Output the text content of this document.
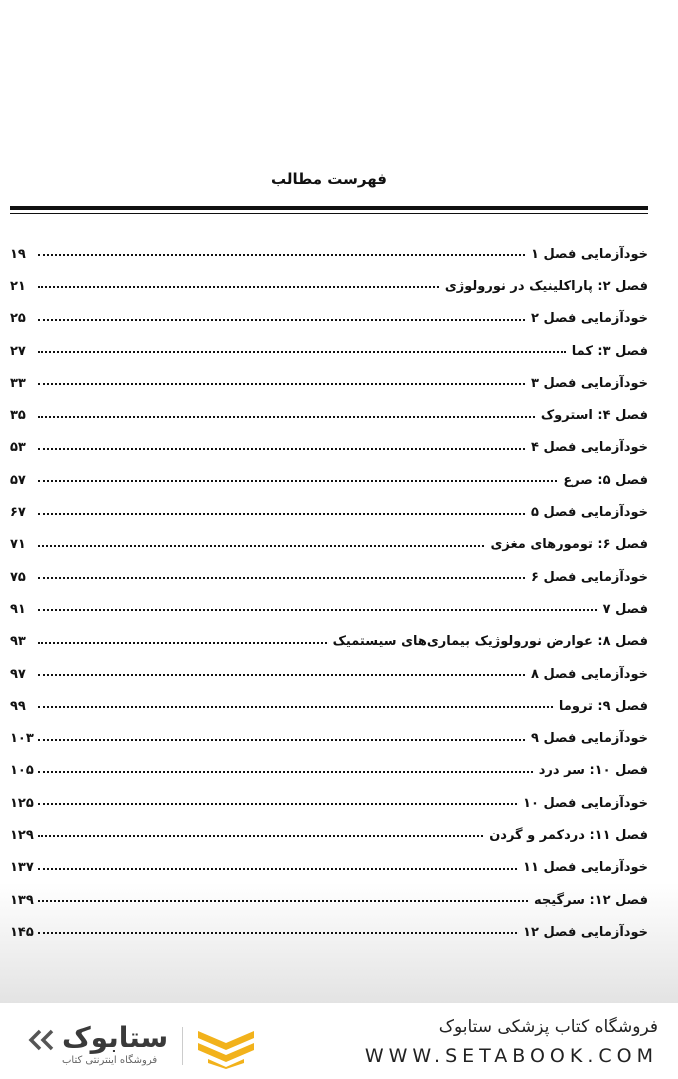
فهرست مطالب
خودآزمایی فصل ۱
۱۹
فصل ۲: پاراکلینیک در نورولوژی
۲۱
خودآزمایی فصل ۲
۲۵
فصل ۳: کما
۲۷
خودآزمایی فصل ۳
۳۳
فصل ۴: استروک
۳۵
خودآزمایی فصل ۴
۵۳
فصل ۵: صرع
۵۷
خودآزمایی فصل ۵
۶۷
فصل ۶: تومورهای مغزی
۷۱
خودآزمایی فصل ۶
۷۵
فصل ۷
۹۱
فصل ۸: عوارض نورولوژیک بیماری‌های سیستمیک
۹۳
خودآزمایی فصل ۸
۹۷
فصل ۹: تروما
۹۹
خودآزمایی فصل ۹
۱۰۳
فصل ۱۰: سر درد
۱۰۵
خودآزمایی فصل ۱۰
۱۲۵
فصل ۱۱: دردکمر و گردن
۱۲۹
خودآزمایی فصل ۱۱
۱۳۷
فصل ۱۲: سرگیجه
۱۳۹
خودآزمایی فصل ۱۲
۱۴۵
ستابوک
فروشگاه اینترنتی کتاب
فروشگاه کتاب پزشکی ستابوک
WWW.SETABOOK.COM
